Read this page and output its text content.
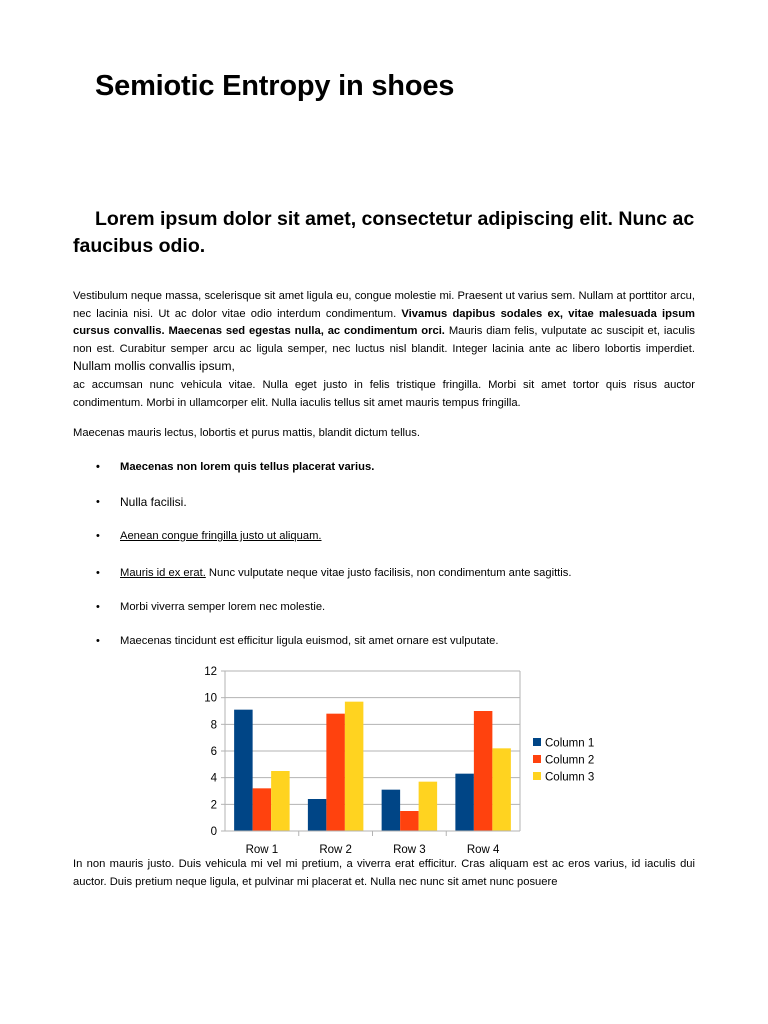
Semiotic Entropy in shoes
Lorem ipsum dolor sit amet, consectetur adipiscing elit. Nunc ac faucibus odio.

Vestibulum neque massa, scelerisque sit amet ligula eu, congue molestie mi. Praesent ut varius sem. Nullam at porttitor arcu, nec lacinia nisi. Ut ac dolor vitae odio interdum condimentum. Vivamus dapibus sodales ex, vitae malesuada ipsum cursus convallis. Maecenas sed egestas nulla, ac condimentum orci. Mauris diam felis, vulputate ac suscipit et, iaculis non est. Curabitur semper arcu ac ligula semper, nec luctus nisl blandit. Integer lacinia ante ac libero lobortis imperdiet. Nullam mollis convallis ipsum,
ac accumsan nunc vehicula vitae. Nulla eget justo in felis tristique fringilla. Morbi sit amet tortor quis risus auctor condimentum. Morbi in ullamcorper elit. Nulla iaculis tellus sit amet mauris tempus fringilla.

Maecenas mauris lectus, lobortis et purus mattis, blandit dictum tellus.

• Maecenas non lorem quis tellus placerat varius.
• Nulla facilisi.
• Aenean congue fringilla justo ut aliquam.
• Mauris id ex erat. Nunc vulputate neque vitae justo facilisis, non condimentum ante sagittis.
• Morbi viverra semper lorem nec molestie.
• Maecenas tincidunt est efficitur ligula euismod, sit amet ornare est vulputate.
0
2
4
6
8
10
12
Row 1	Row 2	Row 3	Row 4
Column 1
Column 2
Column 3

In non mauris justo. Duis vehicula mi vel mi pretium, a viverra erat efficitur. Cras aliquam est ac eros varius, id iaculis dui auctor. Duis pretium neque ligula, et pulvinar mi placerat et. Nulla nec nunc sit amet nunc posuere
